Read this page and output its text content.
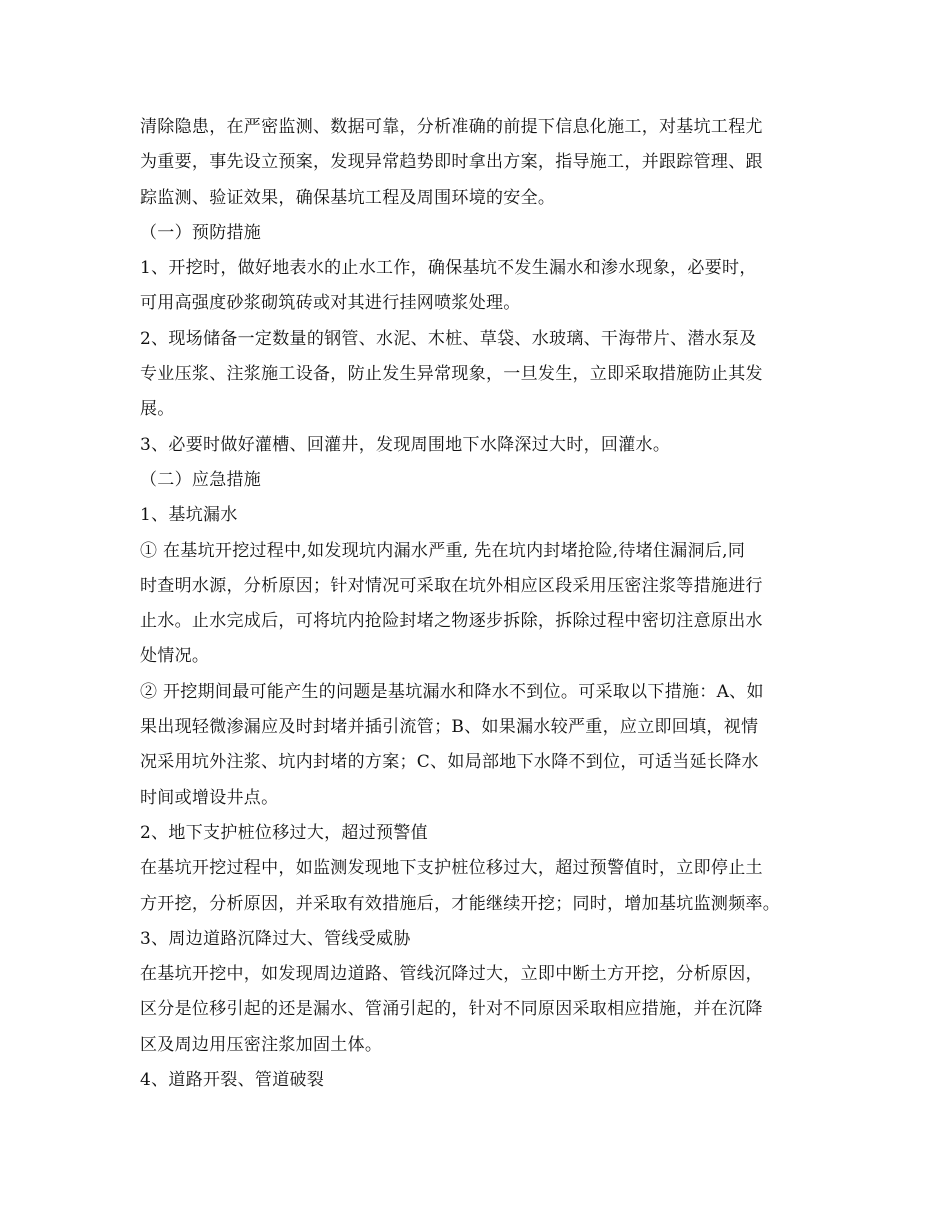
清除隐患，在严密监测、数据可靠，分析准确的前提下信息化施工，对基坑工程尤
为重要，事先设立预案，发现异常趋势即时拿出方案，指导施工，并跟踪管理、跟
踪监测、验证效果，确保基坑工程及周围环境的安全。
（一）预防措施
1、开挖时，做好地表水的止水工作，确保基坑不发生漏水和渗水现象，必要时，
可用高强度砂浆砌筑砖或对其进行挂网喷浆处理。
2、现场储备一定数量的钢管、水泥、木桩、草袋、水玻璃、干海带片、潜水泵及
专业压浆、注浆施工设备，防止发生异常现象，一旦发生，立即采取措施防止其发
展。
3、必要时做好灌槽、回灌井，发现周围地下水降深过大时，回灌水。
（二）应急措施
1、基坑漏水
① 在基坑开挖过程中,如发现坑内漏水严重, 先在坑内封堵抢险,待堵住漏洞后,同
时查明水源，分析原因；针对情况可采取在坑外相应区段采用压密注浆等措施进行
止水。止水完成后，可将坑内抢险封堵之物逐步拆除，拆除过程中密切注意原出水
处情况。
② 开挖期间最可能产生的问题是基坑漏水和降水不到位。可采取以下措施：A、如
果出现轻微渗漏应及时封堵并插引流管；B、如果漏水较严重，应立即回填，视情
况采用坑外注浆、坑内封堵的方案；C、如局部地下水降不到位，可适当延长降水
时间或增设井点。
2、地下支护桩位移过大，超过预警值
在基坑开挖过程中，如监测发现地下支护桩位移过大，超过预警值时，立即停止土
方开挖，分析原因，并采取有效措施后，才能继续开挖；同时，增加基坑监测频率。
3、周边道路沉降过大、管线受威胁
在基坑开挖中，如发现周边道路、管线沉降过大，立即中断土方开挖，分析原因，
区分是位移引起的还是漏水、管涌引起的，针对不同原因采取相应措施，并在沉降
区及周边用压密注浆加固土体。
4、道路开裂、管道破裂
